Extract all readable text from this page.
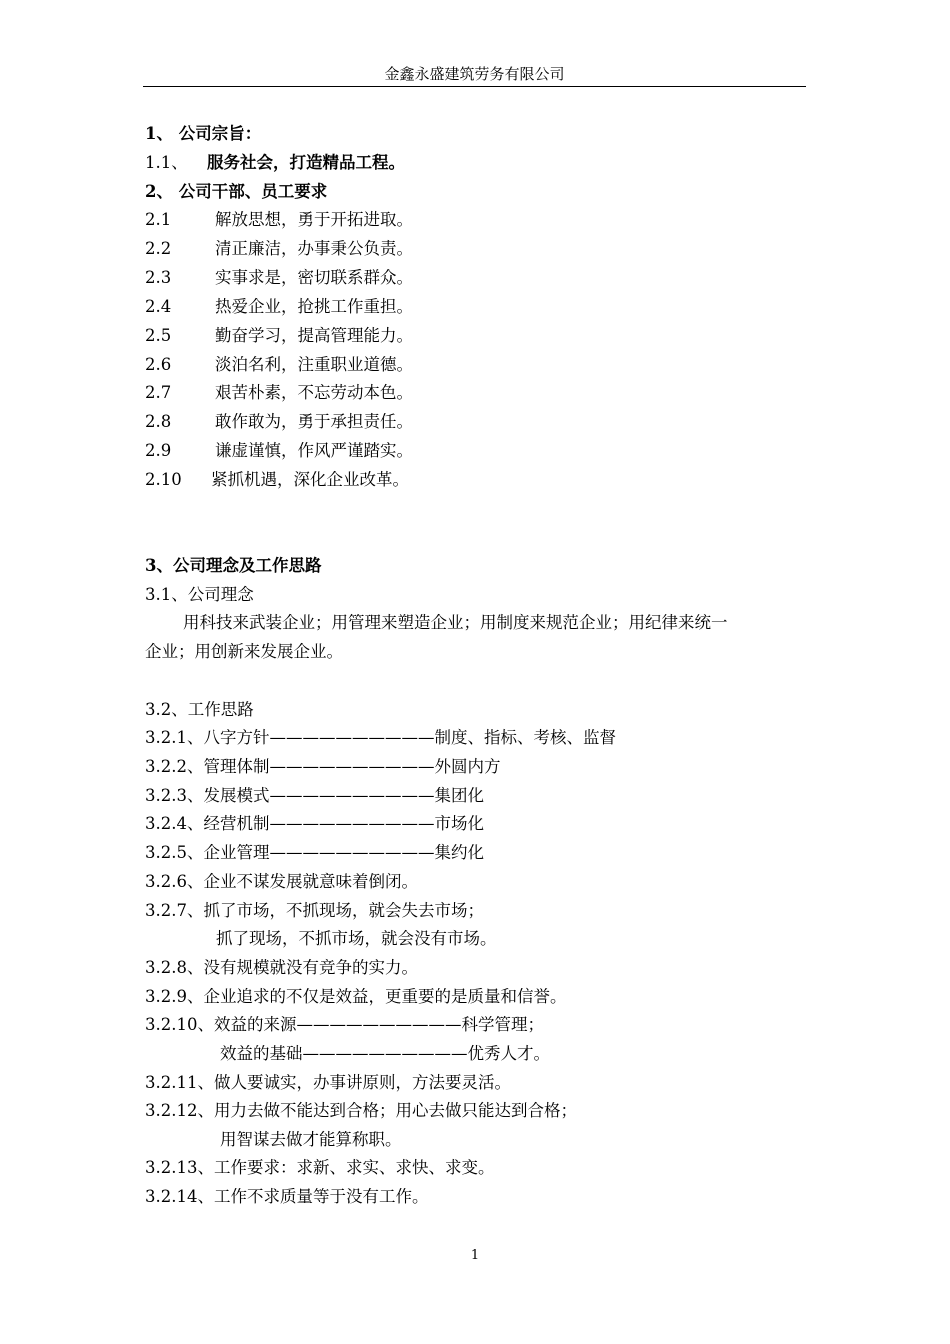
金鑫永盛建筑劳务有限公司
1、 公司宗旨：
1.1、 服务社会，打造精品工程。
2、 公司干部、员工要求
2.1	解放思想，勇于开拓进取。
2.2	清正廉洁，办事秉公负责。
2.3	实事求是，密切联系群众。
2.4	热爱企业，抢挑工作重担。
2.5	勤奋学习，提高管理能力。
2.6	淡泊名利，注重职业道德。
2.7	艰苦朴素，不忘劳动本色。
2.8	敢作敢为，勇于承担责任。
2.9	谦虚谨慎，作风严谨踏实。
2.10 紧抓机遇，深化企业改革。
3、公司理念及工作思路
3.1、公司理念
用科技来武装企业；用管理来塑造企业；用制度来规范企业；用纪律来统一
企业；用创新来发展企业。
3.2、工作思路
3.2.1、八字方针——————————制度、指标、考核、监督
3.2.2、管理体制——————————外圆内方
3.2.3、发展模式——————————集团化
3.2.4、经营机制——————————市场化
3.2.5、企业管理——————————集约化
3.2.6、企业不谋发展就意味着倒闭。
3.2.7、抓了市场，不抓现场，就会失去市场；
抓了现场，不抓市场，就会没有市场。
3.2.8、没有规模就没有竞争的实力。
3.2.9、企业追求的不仅是效益，更重要的是质量和信誉。
3.2.10、效益的来源——————————科学管理；
效益的基础——————————优秀人才。
3.2.11、做人要诚实，办事讲原则，方法要灵活。
3.2.12、用力去做不能达到合格；用心去做只能达到合格；
用智谋去做才能算称职。
3.2.13、工作要求：求新、求实、求快、求变。
3.2.14、工作不求质量等于没有工作。
1
